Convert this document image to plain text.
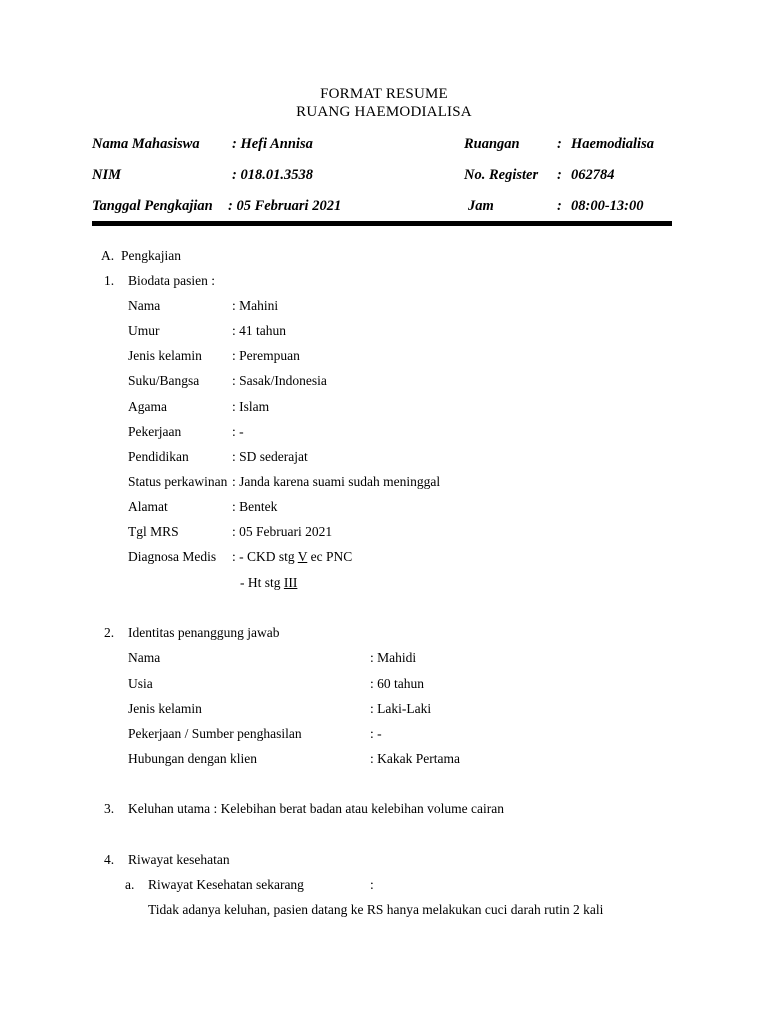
FORMAT RESUME
RUANG HAEMODIALISA
Nama Mahasiswa : Hefi Annisa	Ruangan	: Haemodialisa
NIM	: 018.01.3538	No. Register : 062784
Tanggal Pengkajian : 05 Februari 2021	Jam	: 08:00-13:00
A. Pengkajian
1. Biodata pasien :
Nama	: Mahini
Umur	: 41 tahun
Jenis kelamin : Perempuan
Suku/Bangsa : Sasak/Indonesia
Agama	: Islam
Pekerjaan	: -
Pendidikan	: SD sederajat
Status perkawinan : Janda karena suami sudah meninggal
Alamat	: Bentek
Tgl MRS	: 05 Februari 2021
Diagnosa Medis : - CKD stg V ec PNC
- Ht stg III
2. Identitas penanggung jawab
Nama	: Mahidi
Usia	: 60 tahun
Jenis kelamin	: Laki-Laki
Pekerjaan / Sumber penghasilan	: -
Hubungan dengan klien	: Kakak Pertama
3. Keluhan utama : Kelebihan berat badan atau kelebihan volume cairan
4. Riwayat kesehatan
a. Riwayat Kesehatan sekarang	:
Tidak adanya keluhan, pasien datang ke RS hanya melakukan cuci darah rutin 2 kali
